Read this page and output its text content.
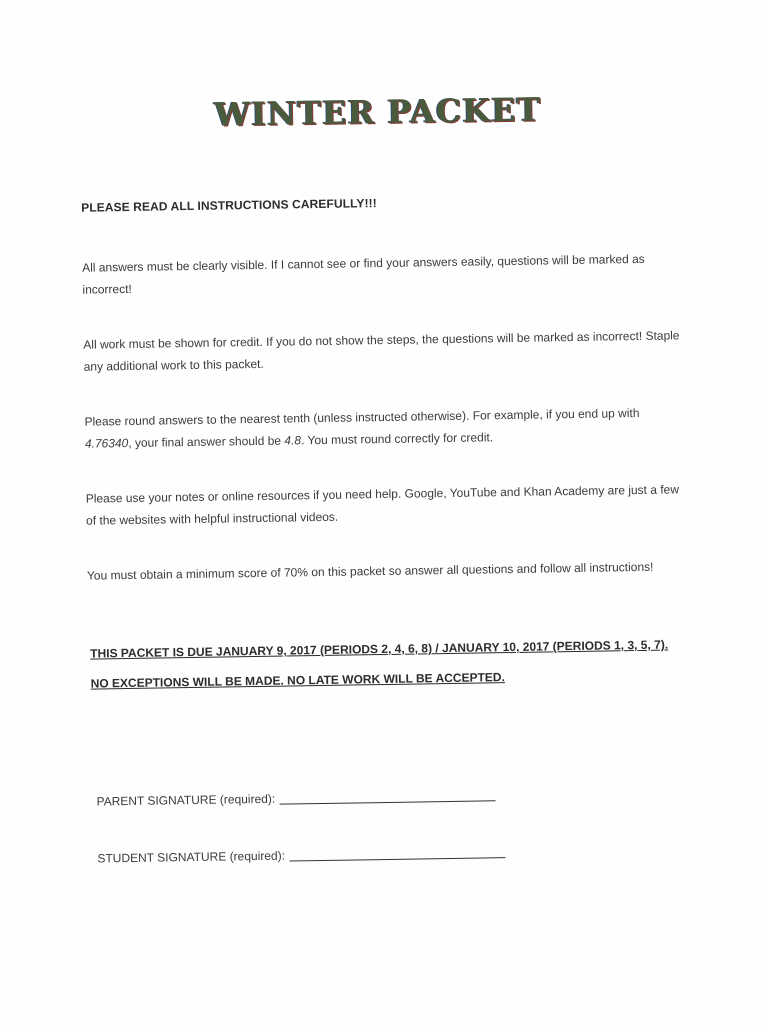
WINTER PACKET
PLEASE READ ALL INSTRUCTIONS CAREFULLY!!!
All answers must be clearly visible. If I cannot see or find your answers easily, questions will be marked as incorrect!
All work must be shown for credit. If you do not show the steps, the questions will be marked as incorrect! Staple any additional work to this packet.
Please round answers to the nearest tenth (unless instructed otherwise). For example, if you end up with 4.76340, your final answer should be 4.8. You must round correctly for credit.
Please use your notes or online resources if you need help. Google, YouTube and Khan Academy are just a few of the websites with helpful instructional videos.
You must obtain a minimum score of 70% on this packet so answer all questions and follow all instructions!
THIS PACKET IS DUE JANUARY 9, 2017 (PERIODS 2, 4, 6, 8) / JANUARY 10, 2017 (PERIODS 1, 3, 5, 7).
NO EXCEPTIONS WILL BE MADE. NO LATE WORK WILL BE ACCEPTED.
PARENT SIGNATURE (required):
STUDENT SIGNATURE (required):
